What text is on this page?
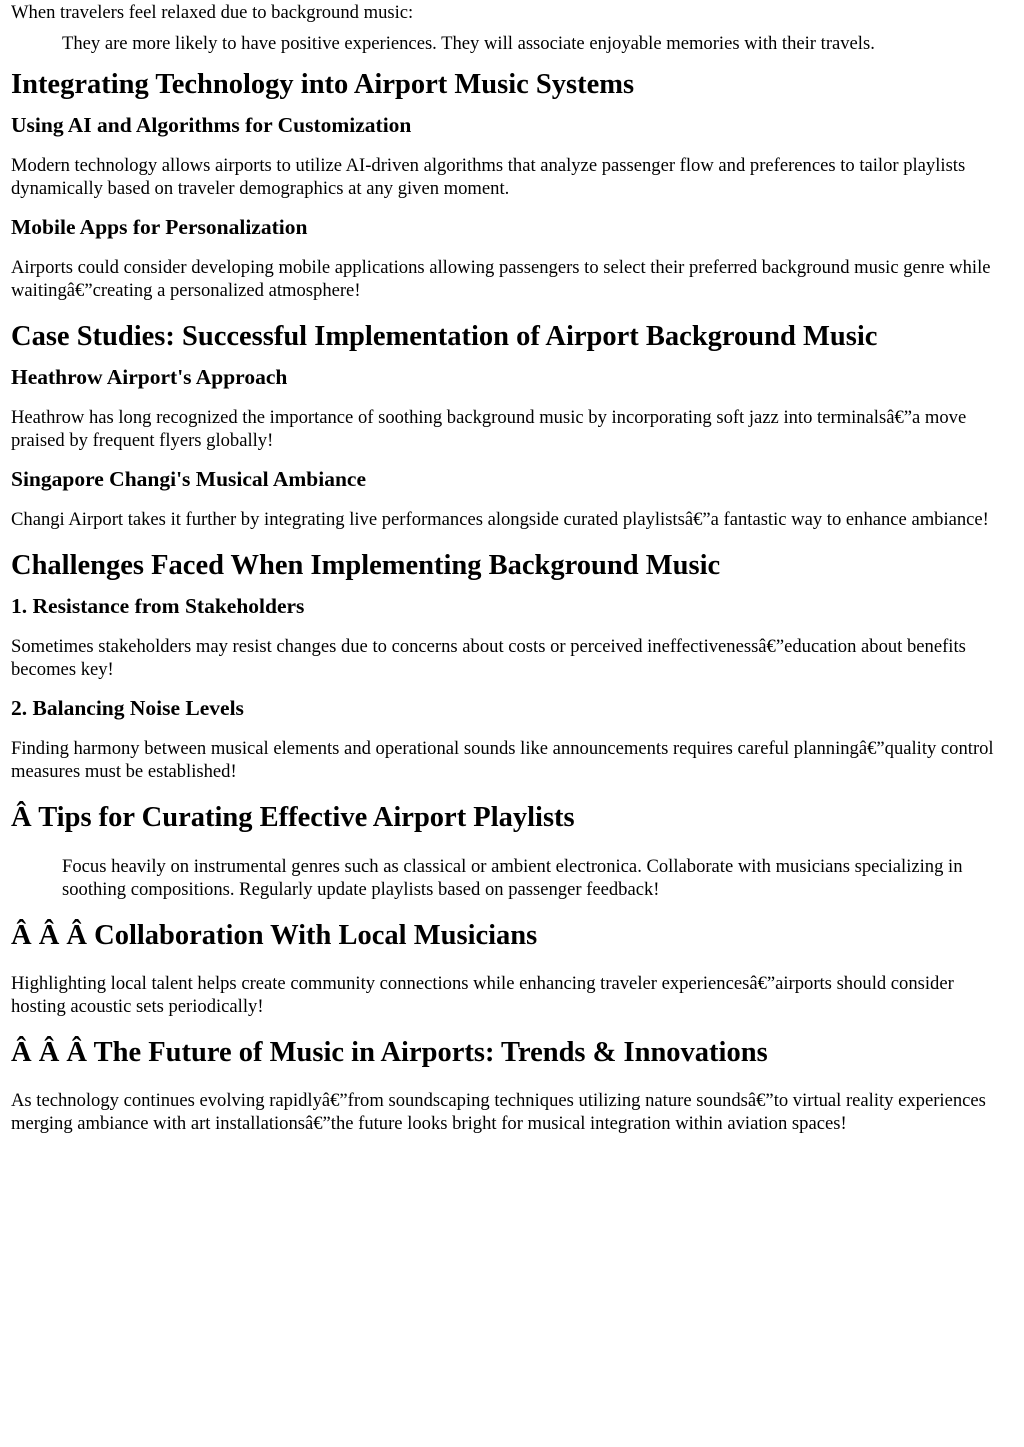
When travelers feel relaxed due to background music:

They are more likely to have positive experiences. They will associate enjoyable memories with their travels.
Integrating Technology into Airport Music Systems
Using AI and Algorithms for Customization

Modern technology allows airports to utilize AI-driven algorithms that analyze passenger flow and preferences to tailor playlists dynamically based on traveler demographics at any given moment.

Mobile Apps for Personalization

Airports could consider developing mobile applications allowing passengers to select their preferred background music genre while waitingâ€”creating a personalized atmosphere!

Case Studies: Successful Implementation of Airport Background Music
Heathrow Airport's Approach

Heathrow has long recognized the importance of soothing background music by incorporating soft jazz into terminalsâ€”a move praised by frequent flyers globally!

Singapore Changi's Musical Ambiance

Changi Airport takes it further by integrating live performances alongside curated playlistsâ€”a fantastic way to enhance ambiance!

Challenges Faced When Implementing Background Music
1. Resistance from Stakeholders

Sometimes stakeholders may resist changes due to concerns about costs or perceived ineffectivenessâ€”education about benefits becomes key!

2. Balancing Noise Levels

Finding harmony between musical elements and operational sounds like announcements requires careful planningâ€”quality control measures must be established!

Â Tips for Curating Effective Airport Playlists
Focus heavily on instrumental genres such as classical or ambient electronica. Collaborate with musicians specializing in soothing compositions. Regularly update playlists based on passenger feedback!
Â Â Â Collaboration With Local Musicians

Highlighting local talent helps create community connections while enhancing traveler experiencesâ€”airports should consider hosting acoustic sets periodically!

Â Â Â The Future of Music in Airports: Trends & Innovations

As technology continues evolving rapidlyâ€”from soundscaping techniques utilizing nature soundsâ€”to virtual reality experiences merging ambiance with art installationsâ€”the future looks bright for musical integration within aviation spaces!
